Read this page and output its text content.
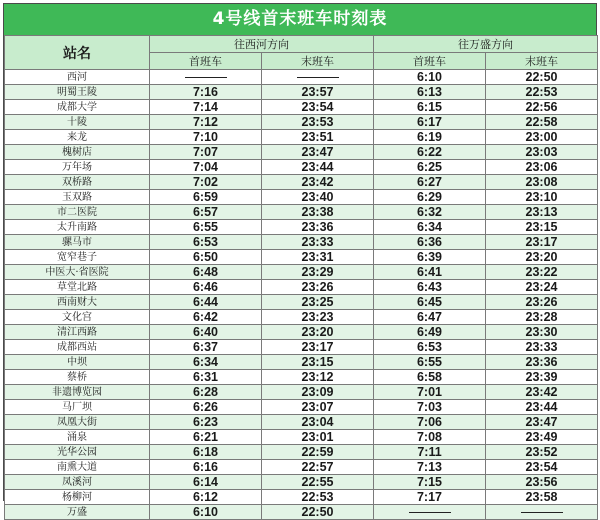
4号线首末班车时刻表
站名	往西河方向		往万盛方向	
	首班车	末班车	首班车	末班车
西河			6:10	22:50
明蜀王陵	7:16	23:57	6:13	22:53
成都大学	7:14	23:54	6:15	22:56
十陵	7:12	23:53	6:17	22:58
来龙	7:10	23:51	6:19	23:00
槐树店	7:07	23:47	6:22	23:03
万年场	7:04	23:44	6:25	23:06
双桥路	7:02	23:42	6:27	23:08
玉双路	6:59	23:40	6:29	23:10
市二医院	6:57	23:38	6:32	23:13
太升南路	6:55	23:36	6:34	23:15
骡马市	6:53	23:33	6:36	23:17
宽窄巷子	6:50	23:31	6:39	23:20
中医大·省医院	6:48	23:29	6:41	23:22
草堂北路	6:46	23:26	6:43	23:24
西南财大	6:44	23:25	6:45	23:26
文化宫	6:42	23:23	6:47	23:28
清江西路	6:40	23:20	6:49	23:30
成都西站	6:37	23:17	6:53	23:33
中坝	6:34	23:15	6:55	23:36
蔡桥	6:31	23:12	6:58	23:39
非遗博览园	6:28	23:09	7:01	23:42
马厂坝	6:26	23:07	7:03	23:44
凤凰大街	6:23	23:04	7:06	23:47
涌泉	6:21	23:01	7:08	23:49
光华公园	6:18	22:59	7:11	23:52
南熏大道	6:16	22:57	7:13	23:54
凤溪河	6:14	22:55	7:15	23:56
杨柳河	6:12	22:53	7:17	23:58
万盛	6:10	22:50		
